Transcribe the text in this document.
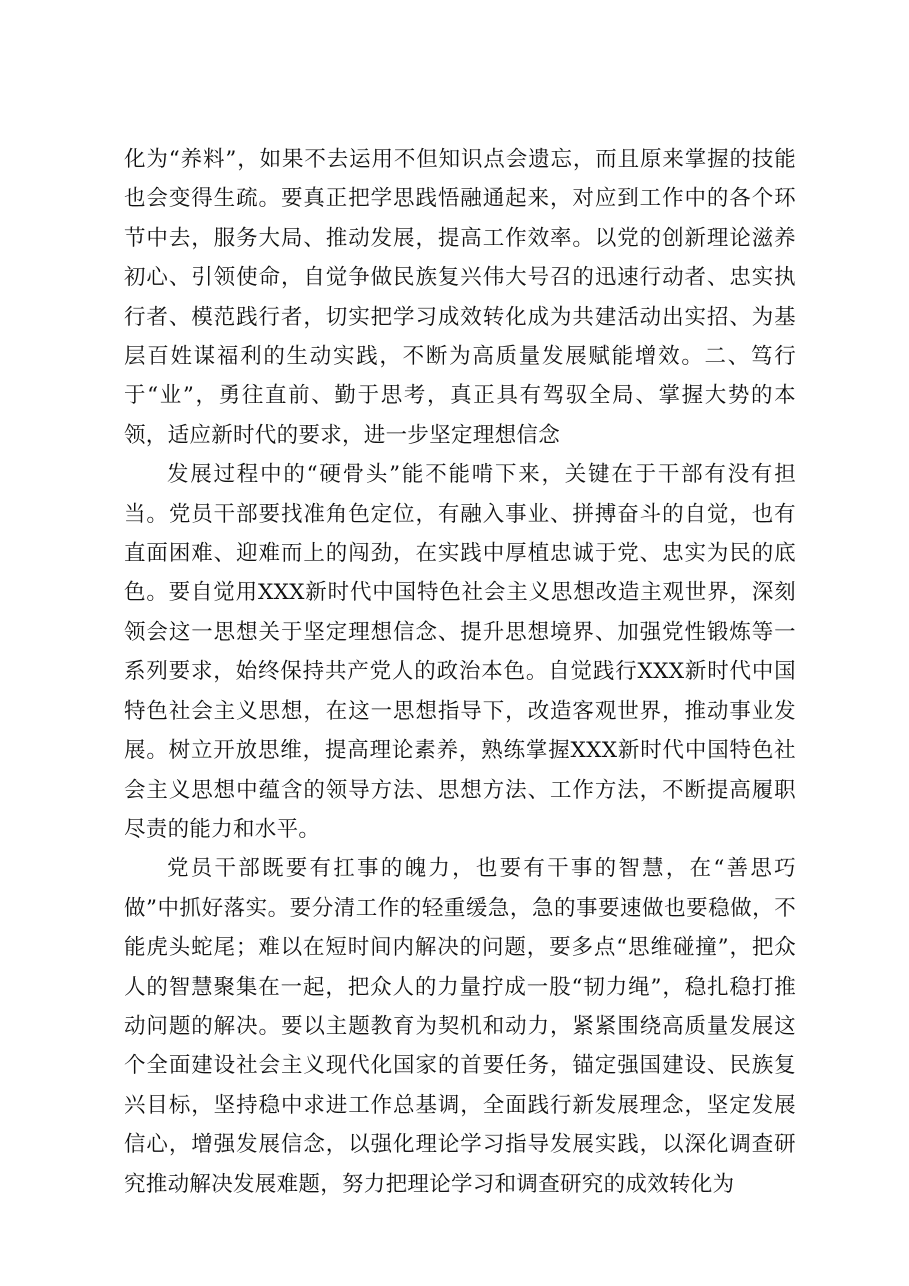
化为“养料”，如果不去运用不但知识点会遗忘，而且原来掌握的技能也会变得生疏。要真正把学思践悟融通起来，对应到工作中的各个环节中去，服务大局、推动发展，提高工作效率。以党的创新理论滋养初心、引领使命，自觉争做民族复兴伟大号召的迅速行动者、忠实执行者、模范践行者，切实把学习成效转化成为共建活动出实招、为基层百姓谋福利的生动实践，不断为高质量发展赋能增效。二、笃行于“业”，勇往直前、勤于思考，真正具有驾驭全局、掌握大势的本领，适应新时代的要求，进一步坚定理想信念

发展过程中的“硬骨头”能不能啃下来，关键在于干部有没有担当。党员干部要找准角色定位，有融入事业、拼搏奋斗的自觉，也有直面困难、迎难而上的闯劲，在实践中厚植忠诚于党、忠实为民的底色。要自觉用XXX新时代中国特色社会主义思想改造主观世界，深刻领会这一思想关于坚定理想信念、提升思想境界、加强党性锻炼等一系列要求，始终保持共产党人的政治本色。自觉践行XXX新时代中国特色社会主义思想，在这一思想指导下，改造客观世界，推动事业发展。树立开放思维，提高理论素养，熟练掌握XXX新时代中国特色社会主义思想中蕴含的领导方法、思想方法、工作方法，不断提高履职尽责的能力和水平。

党员干部既要有扛事的魄力，也要有干事的智慧，在“善思巧做”中抓好落实。要分清工作的轻重缓急，急的事要速做也要稳做，不能虎头蛇尾；难以在短时间内解决的问题，要多点“思维碰撞”，把众人的智慧聚集在一起，把众人的力量拧成一股“韧力绳”，稳扎稳打推动问题的解决。要以主题教育为契机和动力，紧紧围绕高质量发展这个全面建设社会主义现代化国家的首要任务，锚定强国建设、民族复兴目标，坚持稳中求进工作总基调，全面践行新发展理念，坚定发展信心，增强发展信念，以强化理论学习指导发展实践，以深化调查研究推动解决发展难题，努力把理论学习和调查研究的成效转化为
